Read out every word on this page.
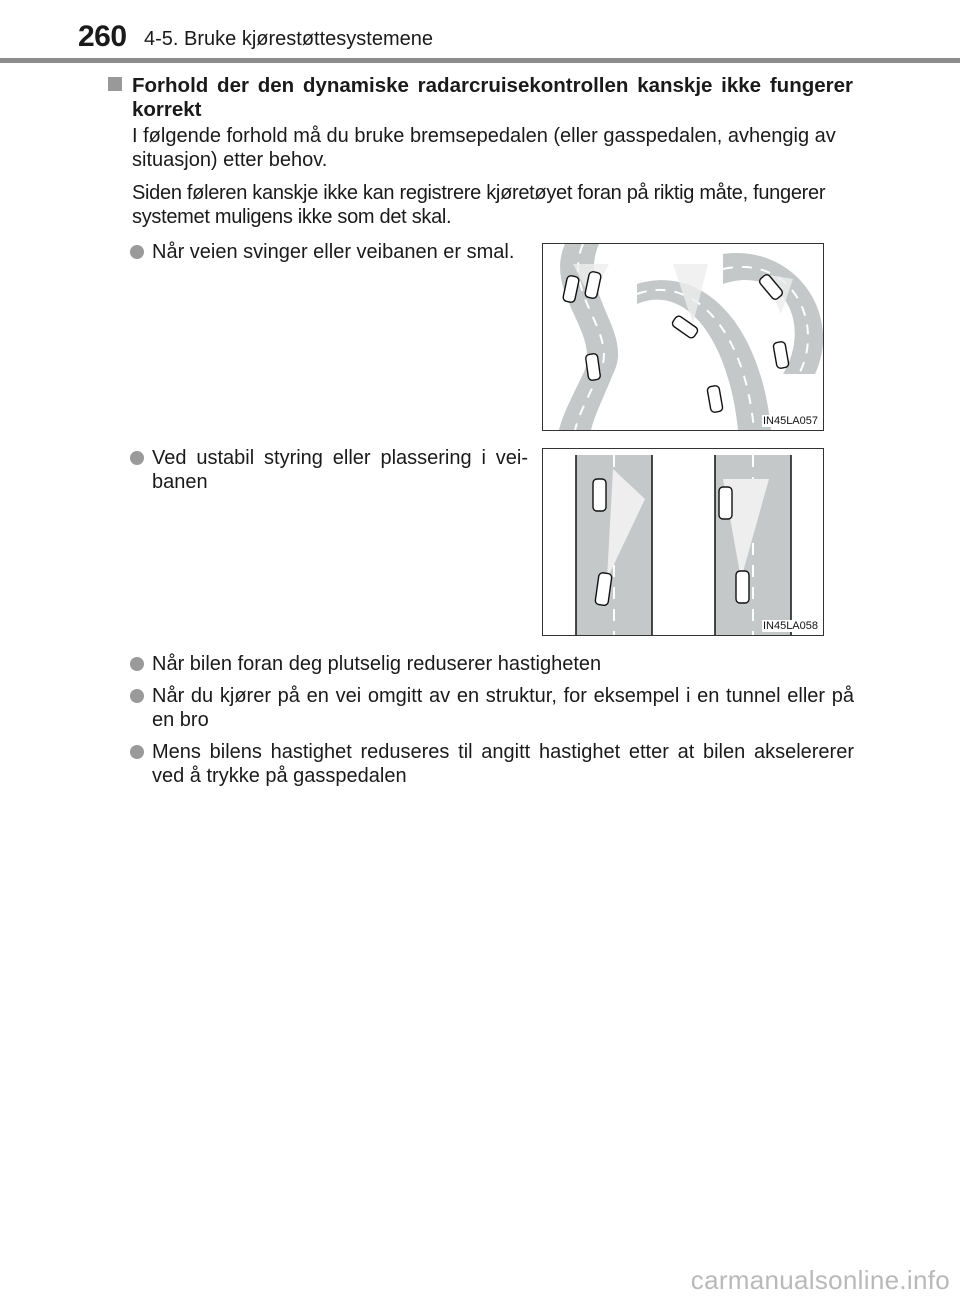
260 4-5. Bruke kjørestøttesystemene
Forhold der den dynamiske radarcruisekontrollen kanskje ikke fungerer korrekt
I følgende forhold må du bruke bremsepedalen (eller gasspedalen, avhengig av situasjon) etter behov.
Siden føleren kanskje ikke kan registrere kjøretøyet foran på riktig måte, fungerer systemet muligens ikke som det skal.
Når veien svinger eller veibanen er smal.
IN45LA057
Ved ustabil styring eller plassering i vei-banen
IN45LA058
Når bilen foran deg plutselig reduserer hastigheten
Når du kjører på en vei omgitt av en struktur, for eksempel i en tunnel eller på en bro
Mens bilens hastighet reduseres til angitt hastighet etter at bilen akselererer ved å trykke på gasspedalen
carmanualsonline.info
